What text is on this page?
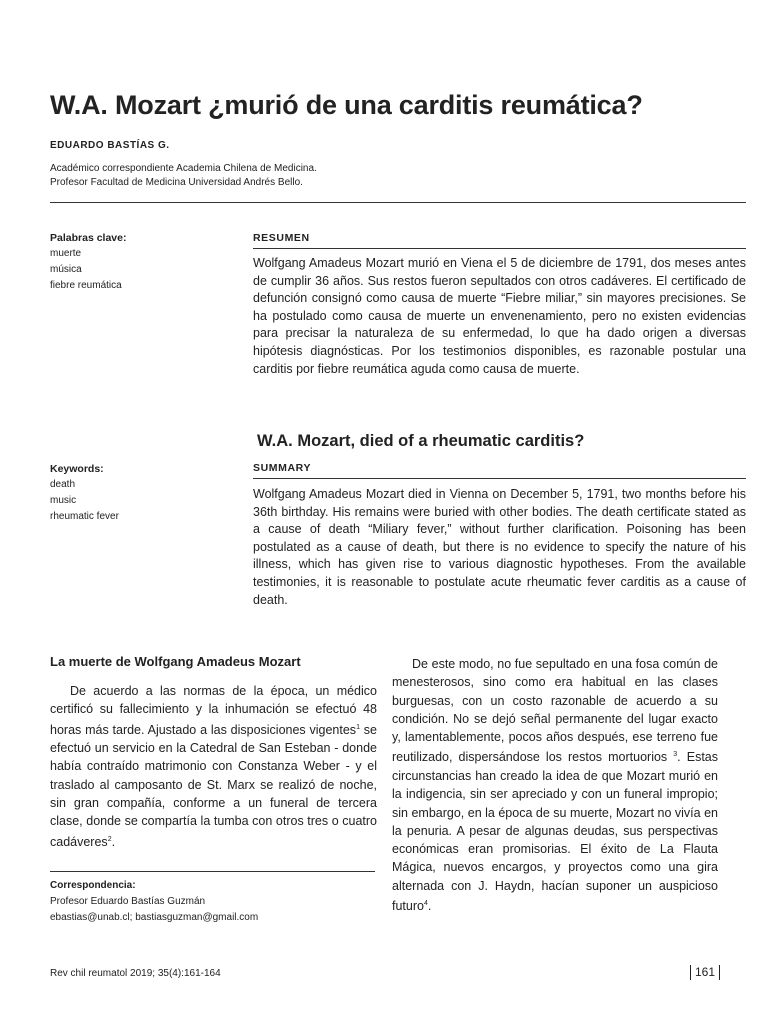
W.A. Mozart ¿murió de una carditis reumática?
EDUARDO BASTÍAS G.
Académico correspondiente Academia Chilena de Medicina.
Profesor Facultad de Medicina Universidad Andrés Bello.
Palabras clave:
muerte
música
fiebre reumática
RESUMEN

Wolfgang Amadeus Mozart murió en Viena el 5 de diciembre de 1791, dos meses antes de cumplir 36 años. Sus restos fueron sepultados con otros cadáveres. El certificado de defunción consignó como causa de muerte “Fiebre miliar,” sin mayores precisiones. Se ha postulado como causa de muerte un envenenamiento, pero no existen evidencias para precisar la naturaleza de su enfermedad, lo que ha dado origen a diversas hipótesis diagnósticas. Por los testimonios disponibles, es razonable postular una carditis por fiebre reumática aguda como causa de muerte.

W.A. Mozart, died of a rheumatic carditis?
Keywords:
death
music
rheumatic fever
SUMMARY

Wolfgang Amadeus Mozart died in Vienna on December 5, 1791, two months before his 36th birthday. His remains were buried with other bodies. The death certificate stated as a cause of death “Miliary fever,” without further clarification. Poisoning has been postulated as a cause of death, but there is no evidence to specify the nature of his illness, which has given rise to various diagnostic hypotheses. From the available testimonies, it is reasonable to postulate acute rheumatic fever carditis as a cause of death.

La muerte de Wolfgang Amadeus Mozart

De acuerdo a las normas de la época, un médico certificó su fallecimiento y la inhumación se efectuó 48 horas más tarde. Ajustado a las disposiciones vigentes$^1$ se efectuó un servicio en la Catedral de San Esteban - donde había contraído matrimonio con Constanza Weber - y el traslado al camposanto de St. Marx se realizó de noche, sin gran compañía, conforme a un funeral de tercera clase, donde se compartía la tumba con otros tres o cuatro cadáveres$^2$.

De este modo, no fue sepultado en una fosa común de menesterosos, sino como era habitual en las clases burguesas, con un costo razonable de acuerdo a su condición. No se dejó señal permanente del lugar exacto y, lamentablemente, pocos años después, ese terreno fue reutilizado, dispersándose los restos mortuorios $^3$. Estas circunstancias han creado la idea de que Mozart murió en la indigencia, sin ser apreciado y con un funeral impropio; sin embargo, en la época de su muerte, Mozart no vivía en la penuria. A pesar de algunas deudas, sus perspectivas económicas eran promisorias. El éxito de La Flauta Mágica, nuevos encargos, y proyectos como una gira alternada con J. Haydn, hacían suponer un auspicioso futuro$^4$.

Correspondencia:
Profesor Eduardo Bastías Guzmán
ebastias@unab.cl; bastiasguzman@gmail.com
Rev chil reumatol 2019; 35(4):161-164	161
